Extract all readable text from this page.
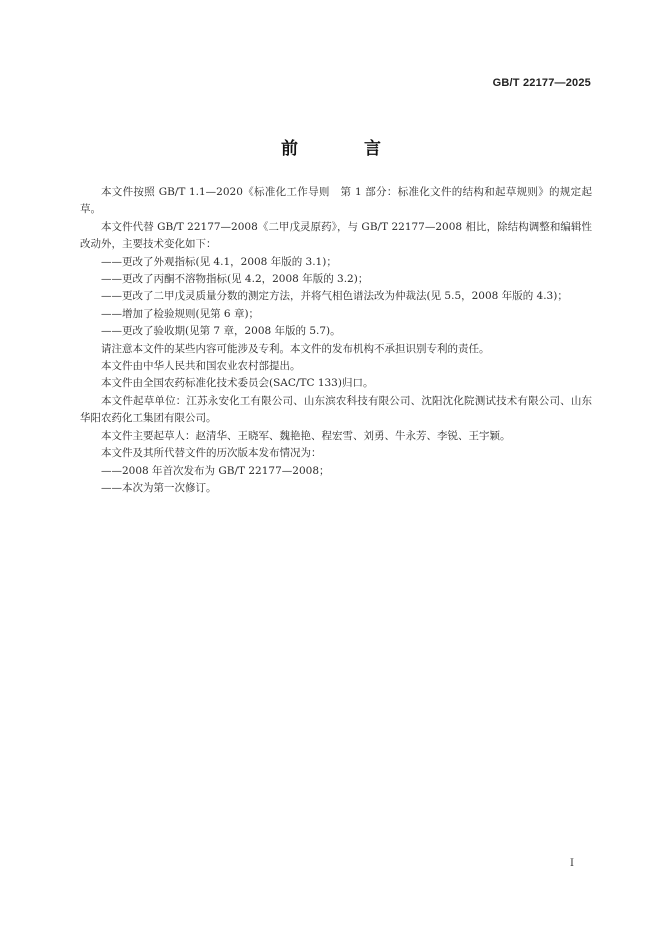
GB/T 22177—2025
前 言

本文件按照 GB/T 1.1—2020《标准化工作导则　第 1 部分：标准化文件的结构和起草规则》的规定起草。

本文件代替 GB/T 22177—2008《二甲戊灵原药》，与 GB/T 22177—2008 相比，除结构调整和编辑性改动外，主要技术变化如下：

——更改了外观指标(见 4.1，2008 年版的 3.1)；

——更改了丙酮不溶物指标(见 4.2，2008 年版的 3.2)；

——更改了二甲戊灵质量分数的测定方法，并将气相色谱法改为仲裁法(见 5.5，2008 年版的 4.3)；

——增加了检验规则(见第 6 章)；

——更改了验收期(见第 7 章，2008 年版的 5.7)。

请注意本文件的某些内容可能涉及专利。本文件的发布机构不承担识别专利的责任。

本文件由中华人民共和国农业农村部提出。

本文件由全国农药标准化技术委员会(SAC/TC 133)归口。

本文件起草单位：江苏永安化工有限公司、山东滨农科技有限公司、沈阳沈化院测试技术有限公司、山东华阳农药化工集团有限公司。

本文件主要起草人：赵清华、王晓军、魏艳艳、程宏雪、刘勇、牛永芳、李锐、王宇颖。

本文件及其所代替文件的历次版本发布情况为：

——2008 年首次发布为 GB/T 22177—2008；

——本次为第一次修订。

I
